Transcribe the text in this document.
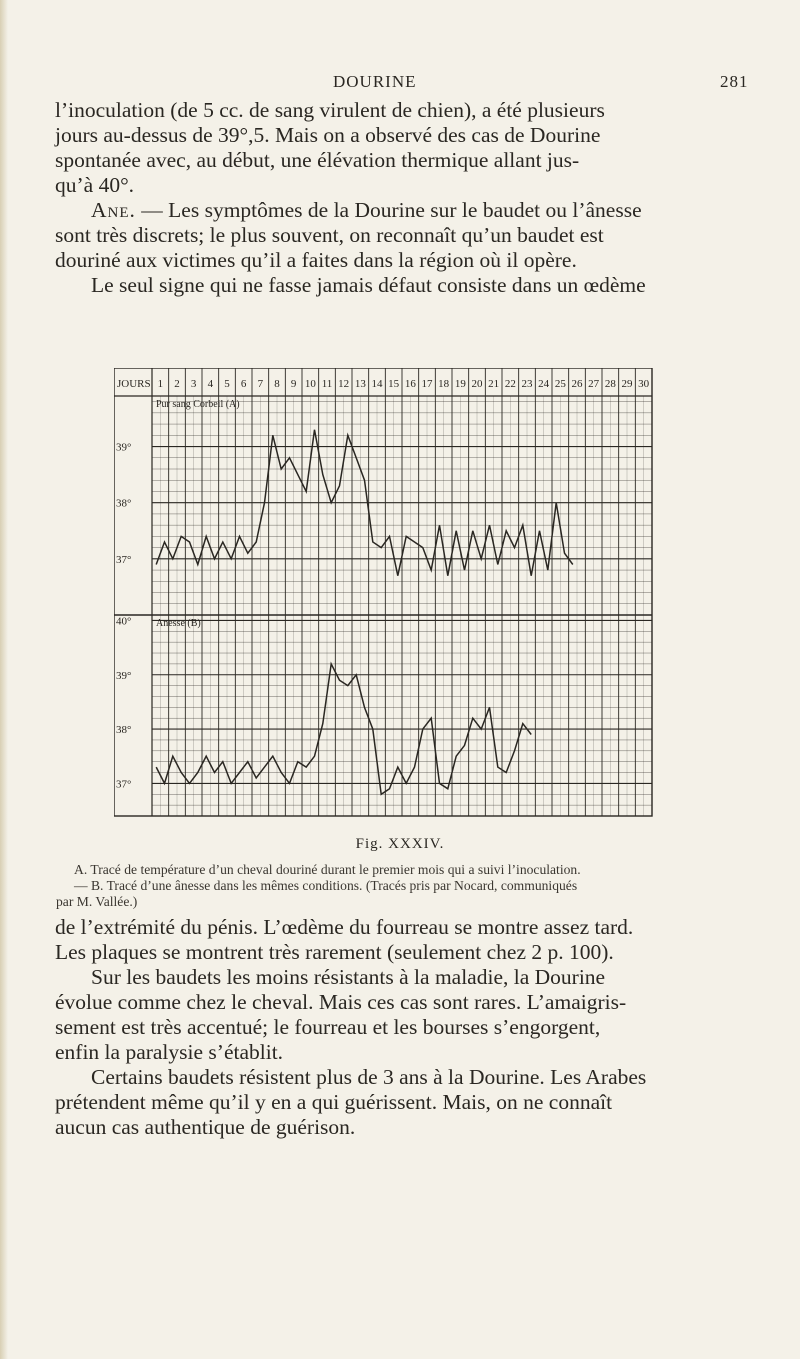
DOURINE	281

l’inoculation (de 5 cc. de sang virulent de chien), a été plusieurs

jours au-dessus de 39°,5. Mais on a observé des cas de Dourine

spontanée avec, au début, une élévation thermique allant jus-

qu’à 40°.

Ane. — Les symptômes de la Dourine sur le baudet ou l’ânesse

sont très discrets; le plus souvent, on reconnaît qu’un baudet est

douriné aux victimes qu’il a faites dans la région où il opère.

Le seul signe qui ne fasse jamais défaut consiste dans un œdème

JOURS 1 2 3 4 5 6 7 8 9 10 11 12 13 14 15 16 17 18 19 20 21 22 23 24 25 26 27 28 29 30
39°
38°
37°
Pur sang Corbeil (A)
40°
39°
38°
37°
Anesse (B)
Fig. XXXIV.

A. Tracé de température d’un cheval douriné durant le premier mois qui a suivi l’inoculation.

— B. Tracé d’une ânesse dans les mêmes conditions. (Tracés pris par Nocard, communiqués

par M. Vallée.)

de l’extrémité du pénis. L’œdème du fourreau se montre assez tard.

Les plaques se montrent très rarement (seulement chez 2 p. 100).

Sur les baudets les moins résistants à la maladie, la Dourine

évolue comme chez le cheval. Mais ces cas sont rares. L’amaigris-

sement est très accentué; le fourreau et les bourses s’engorgent,

enfin la paralysie s’établit.

Certains baudets résistent plus de 3 ans à la Dourine. Les Arabes

prétendent même qu’il y en a qui guérissent. Mais, on ne connaît

aucun cas authentique de guérison.
